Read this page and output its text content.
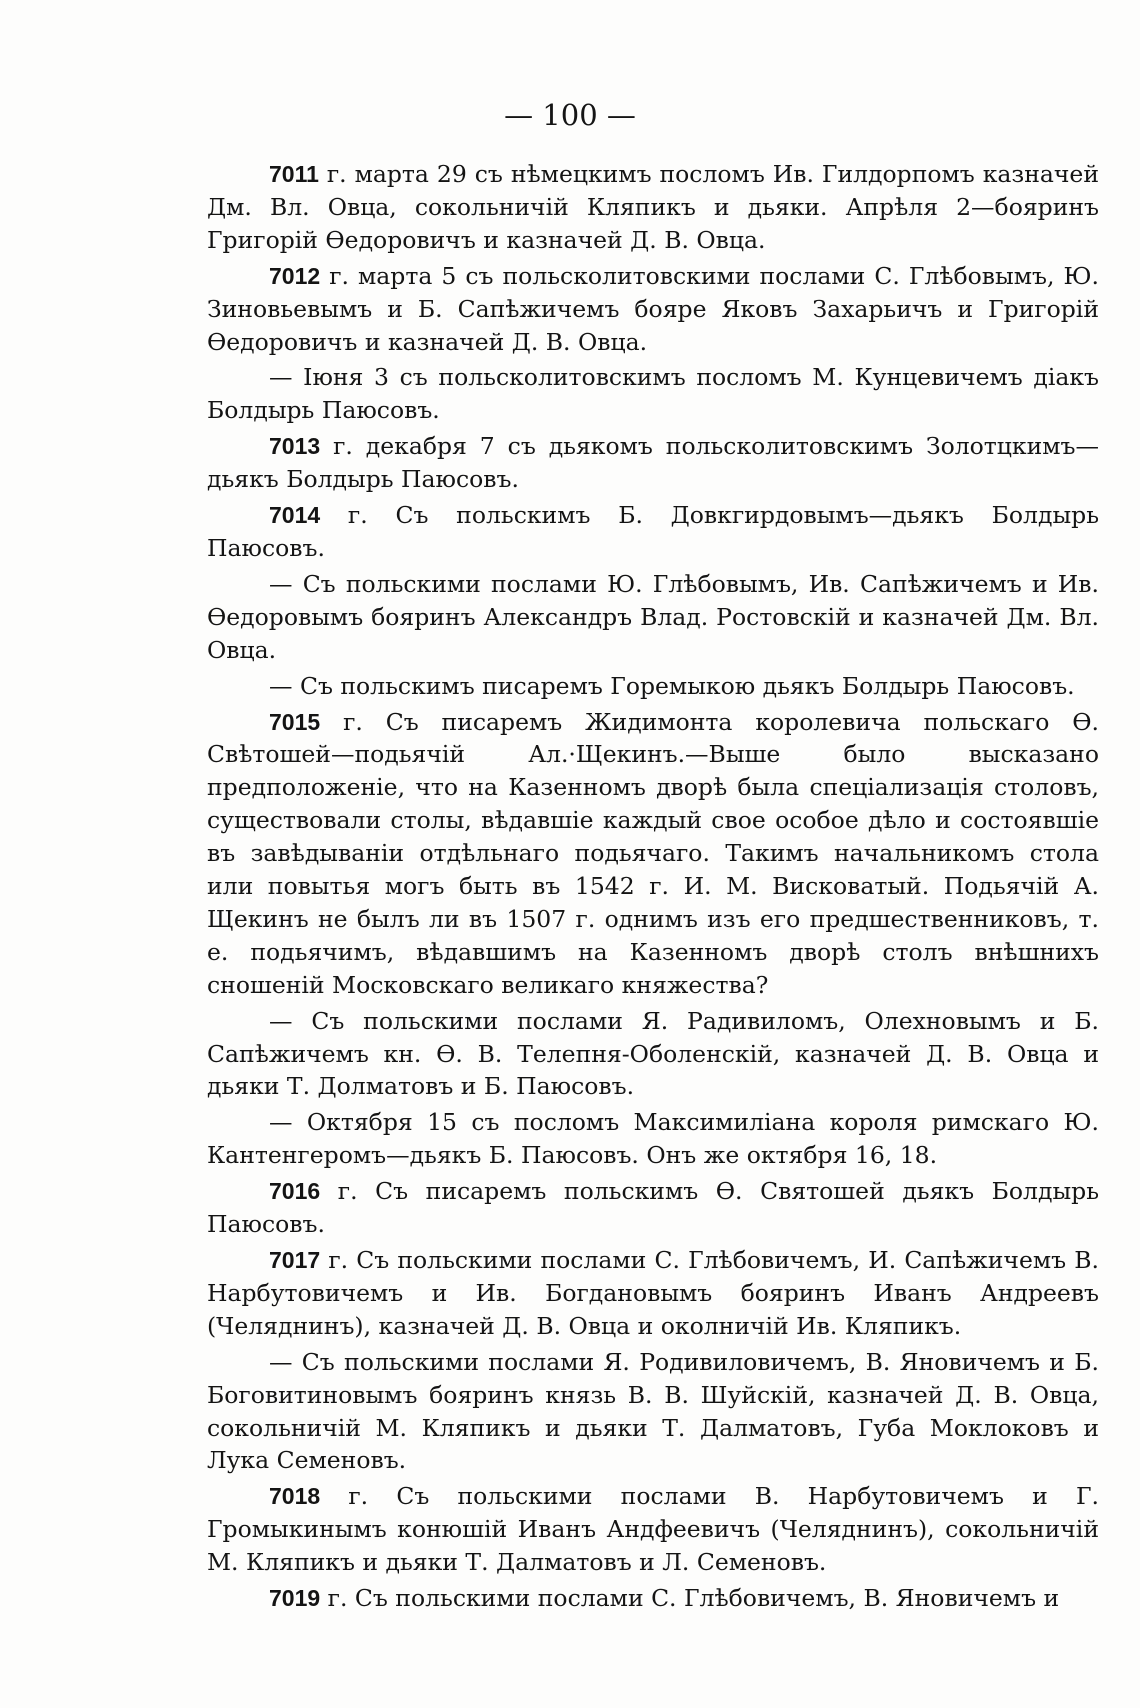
— 100 —

7011 г. марта 29 съ нѣмецкимъ посломъ Ив. Гилдорпомъ казначей Дм. Вл. Овца, сокольничій Кляпикъ и дьяки. Апрѣля 2—бояринъ Григорій Өедоровичъ и казначей Д. В. Овца.

7012 г. марта 5 съ польсколитовскими послами С. Глѣбовымъ, Ю. Зиновьевымъ и Б. Сапѣжичемъ бояре Яковъ Захарьичъ и Григорій Өедоровичъ и казначей Д. В. Овца.

— Іюня 3 съ польсколитовскимъ посломъ М. Кунцевичемъ діакъ Болдырь Паюсовъ.

7013 г. декабря 7 съ дьякомъ польсколитовскимъ Золотцкимъ— дьякъ Болдырь Паюсовъ.

7014 г. Съ польскимъ Б. Довкгирдовымъ—дьякъ Болдырь Паюсовъ.

— Съ польскими послами Ю. Глѣбовымъ, Ив. Сапѣжичемъ и Ив. Өедоровымъ бояринъ Александръ Влад. Ростовскій и казначей Дм. Вл. Овца.

— Съ польскимъ писаремъ Горемыкою дьякъ Болдырь Паюсовъ.

7015 г. Съ писаремъ Жидимонта королевича польскаго Ѳ. Свѣтошей—подьячій Ал.·Щекинъ.—Выше было высказано предположеніе, что на Казенномъ дворѣ была спеціализація столовъ, существовали столы, вѣдавшіе каждый свое особое дѣло и состоявшіе въ завѣдываніи отдѣльнаго подьячаго. Такимъ начальникомъ стола или повытья могъ быть въ 1542 г. И. М. Висковатый. Подьячій А. Щекинъ не былъ ли въ 1507 г. однимъ изъ его предшественниковъ, т. е. подьячимъ, вѣдавшимъ на Казенномъ дворѣ столъ внѣшнихъ сношеній Московскаго великаго княжества?

— Съ польскими послами Я. Радивиломъ, Олехновымъ и Б. Сапѣжичемъ кн. Ѳ. В. Телепня-Оболенскій, казначей Д. В. Овца и дьяки Т. Долматовъ и Б. Паюсовъ.

— Октября 15 съ посломъ Максимиліана короля римскаго Ю. Кантенгеромъ—дьякъ Б. Паюсовъ. Онъ же октября 16, 18.

7016 г. Съ писаремъ польскимъ Ѳ. Святошей дьякъ Болдырь Паюсовъ.

7017 г. Съ польскими послами С. Глѣбовичемъ, И. Сапѣжичемъ В. Нарбутовичемъ и Ив. Богдановымъ бояринъ Иванъ Андреевъ (Челяднинъ), казначей Д. В. Овца и околничій Ив. Кляпикъ.

— Съ польскими послами Я. Родивиловичемъ, В. Яновичемъ и Б. Боговитиновымъ бояринъ князь В. В. Шуйскій, казначей Д. В. Овца, сокольничій М. Кляпикъ и дьяки Т. Далматовъ, Губа Моклоковъ и Лука Семеновъ.

7018 г. Съ польскими послами В. Нарбутовичемъ и Г. Громыкинымъ конюшій Иванъ Андфеевичъ (Челяднинъ), сокольничій М. Кляпикъ и дьяки Т. Далматовъ и Л. Семеновъ.

7019 г. Съ польскими послами С. Глѣбовичемъ, В. Яновичемъ и
